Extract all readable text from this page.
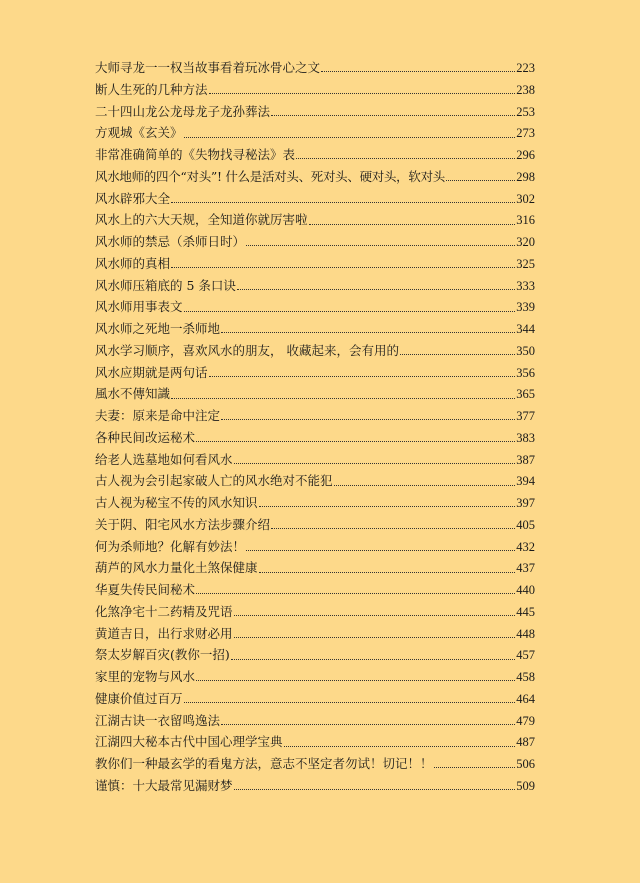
大师寻龙一一权当故事看着玩冰骨心之文	223
断人生死的几种方法	238
二十四山龙公龙母龙子龙孙葬法	253
方观城《玄关》	273
非常准确简单的《失物找寻秘法》表	296
风水地师的四个“对头”! 什么是活对头、死对头、硬对头，软对头	298
风水辟邪大全	302
风水上的六大天规，全知道你就厉害啦	316
风水师的禁忌（杀师日时）	320
风水师的真相	325
风水师压箱底的 5 条口诀	333
风水师用事表文	339
风水师之死地一杀师地	344
风水学习顺序，喜欢风水的朋友， 收藏起来，会有用的	350
风水应期就是两句话	356
風水不傳知識	365
夫妻：原来是命中注定	377
各种民间改运秘术	383
给老人选墓地如何看风水	387
古人视为会引起家破人亡的风水绝对不能犯	394
古人视为秘宝不传的风水知识	397
关于阴、阳宅风水方法步骤介绍	405
何为杀师地？化解有妙法！	432
葫芦的风水力量化土煞保健康	437
华夏失传民间秘术	440
化煞净宅十二药精及咒语	445
黄道吉日，出行求财必用	448
祭太岁解百灾(教你一招)	457
家里的宠物与风水	458
健康价值过百万	464
江湖古诀一衣留鸣逸法	479
江湖四大秘本古代中国心理学宝典	487
教你们一种最玄学的看鬼方法，意志不坚定者勿试！切记！！	506
谨慎：十大最常见漏财梦	509
